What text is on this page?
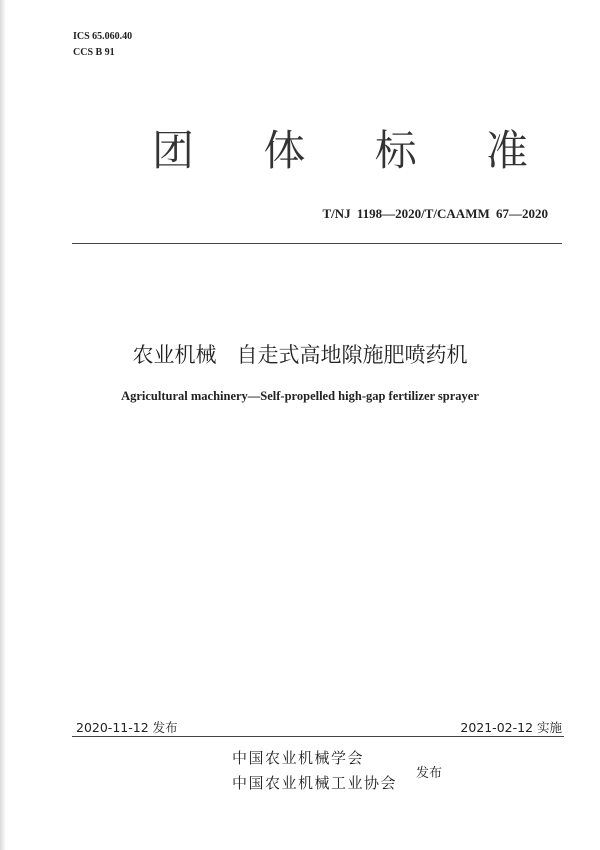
ICS 65.060.40
CCS B 91
团 体 标 准
T/NJ 1198—2020/T/CAAMM 67—2020
农业机械   自走式高地隙施肥喷药机
Agricultural machinery—Self-propelled high-gap fertilizer sprayer
2020-11-12 发布	2021-02-12 实施
中国农业机械学会
中国农业机械工业协会
发布
